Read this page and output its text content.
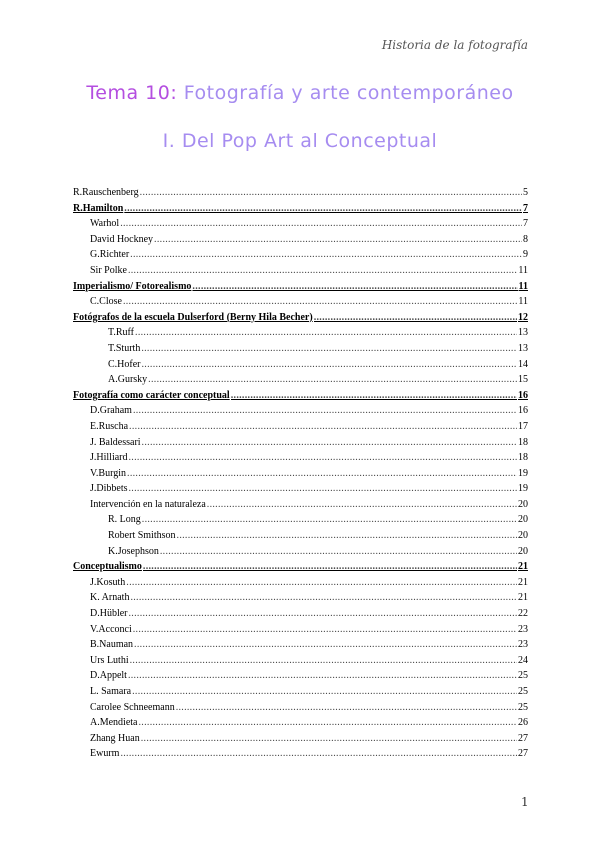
Historia de la fotografía
Tema 10: Fotografía y arte contemporáneo
I. Del Pop Art al Conceptual
R.Rauschenberg .....	5
R.Hamilton .....	7
Warhol .....	7
David Hockney .....	8
G.Richter .....	9
Sir Polke .....	11
Imperialismo/ Fotorealismo .....	11
C.Close .....	11
Fotógrafos de la escuela Dulserford (Berny Hila Becher) .....	12
T.Ruff .....	13
T.Sturth .....	13
C.Hofer .....	14
A.Gursky .....	15
Fotografía como carácter conceptual .....	16
D.Graham .....	16
E.Ruscha .....	17
J. Baldessari .....	18
J.Hilliard .....	18
V.Burgin .....	19
J.Dibbets .....	19
Intervención en la naturaleza .....	20
R. Long .....	20
Robert Smithson .....	20
K.Josephson .....	20
Conceptualismo .....	21
J.Kosuth .....	21
K. Arnath .....	21
D.Hübler .....	22
V.Acconci .....	23
B.Nauman .....	23
Urs Luthi .....	24
D.Appelt .....	25
L. Samara .....	25
Carolee Schneemann .....	25
A.Mendieta .....	26
Zhang Huan .....	27
Ewurm .....	27
1
